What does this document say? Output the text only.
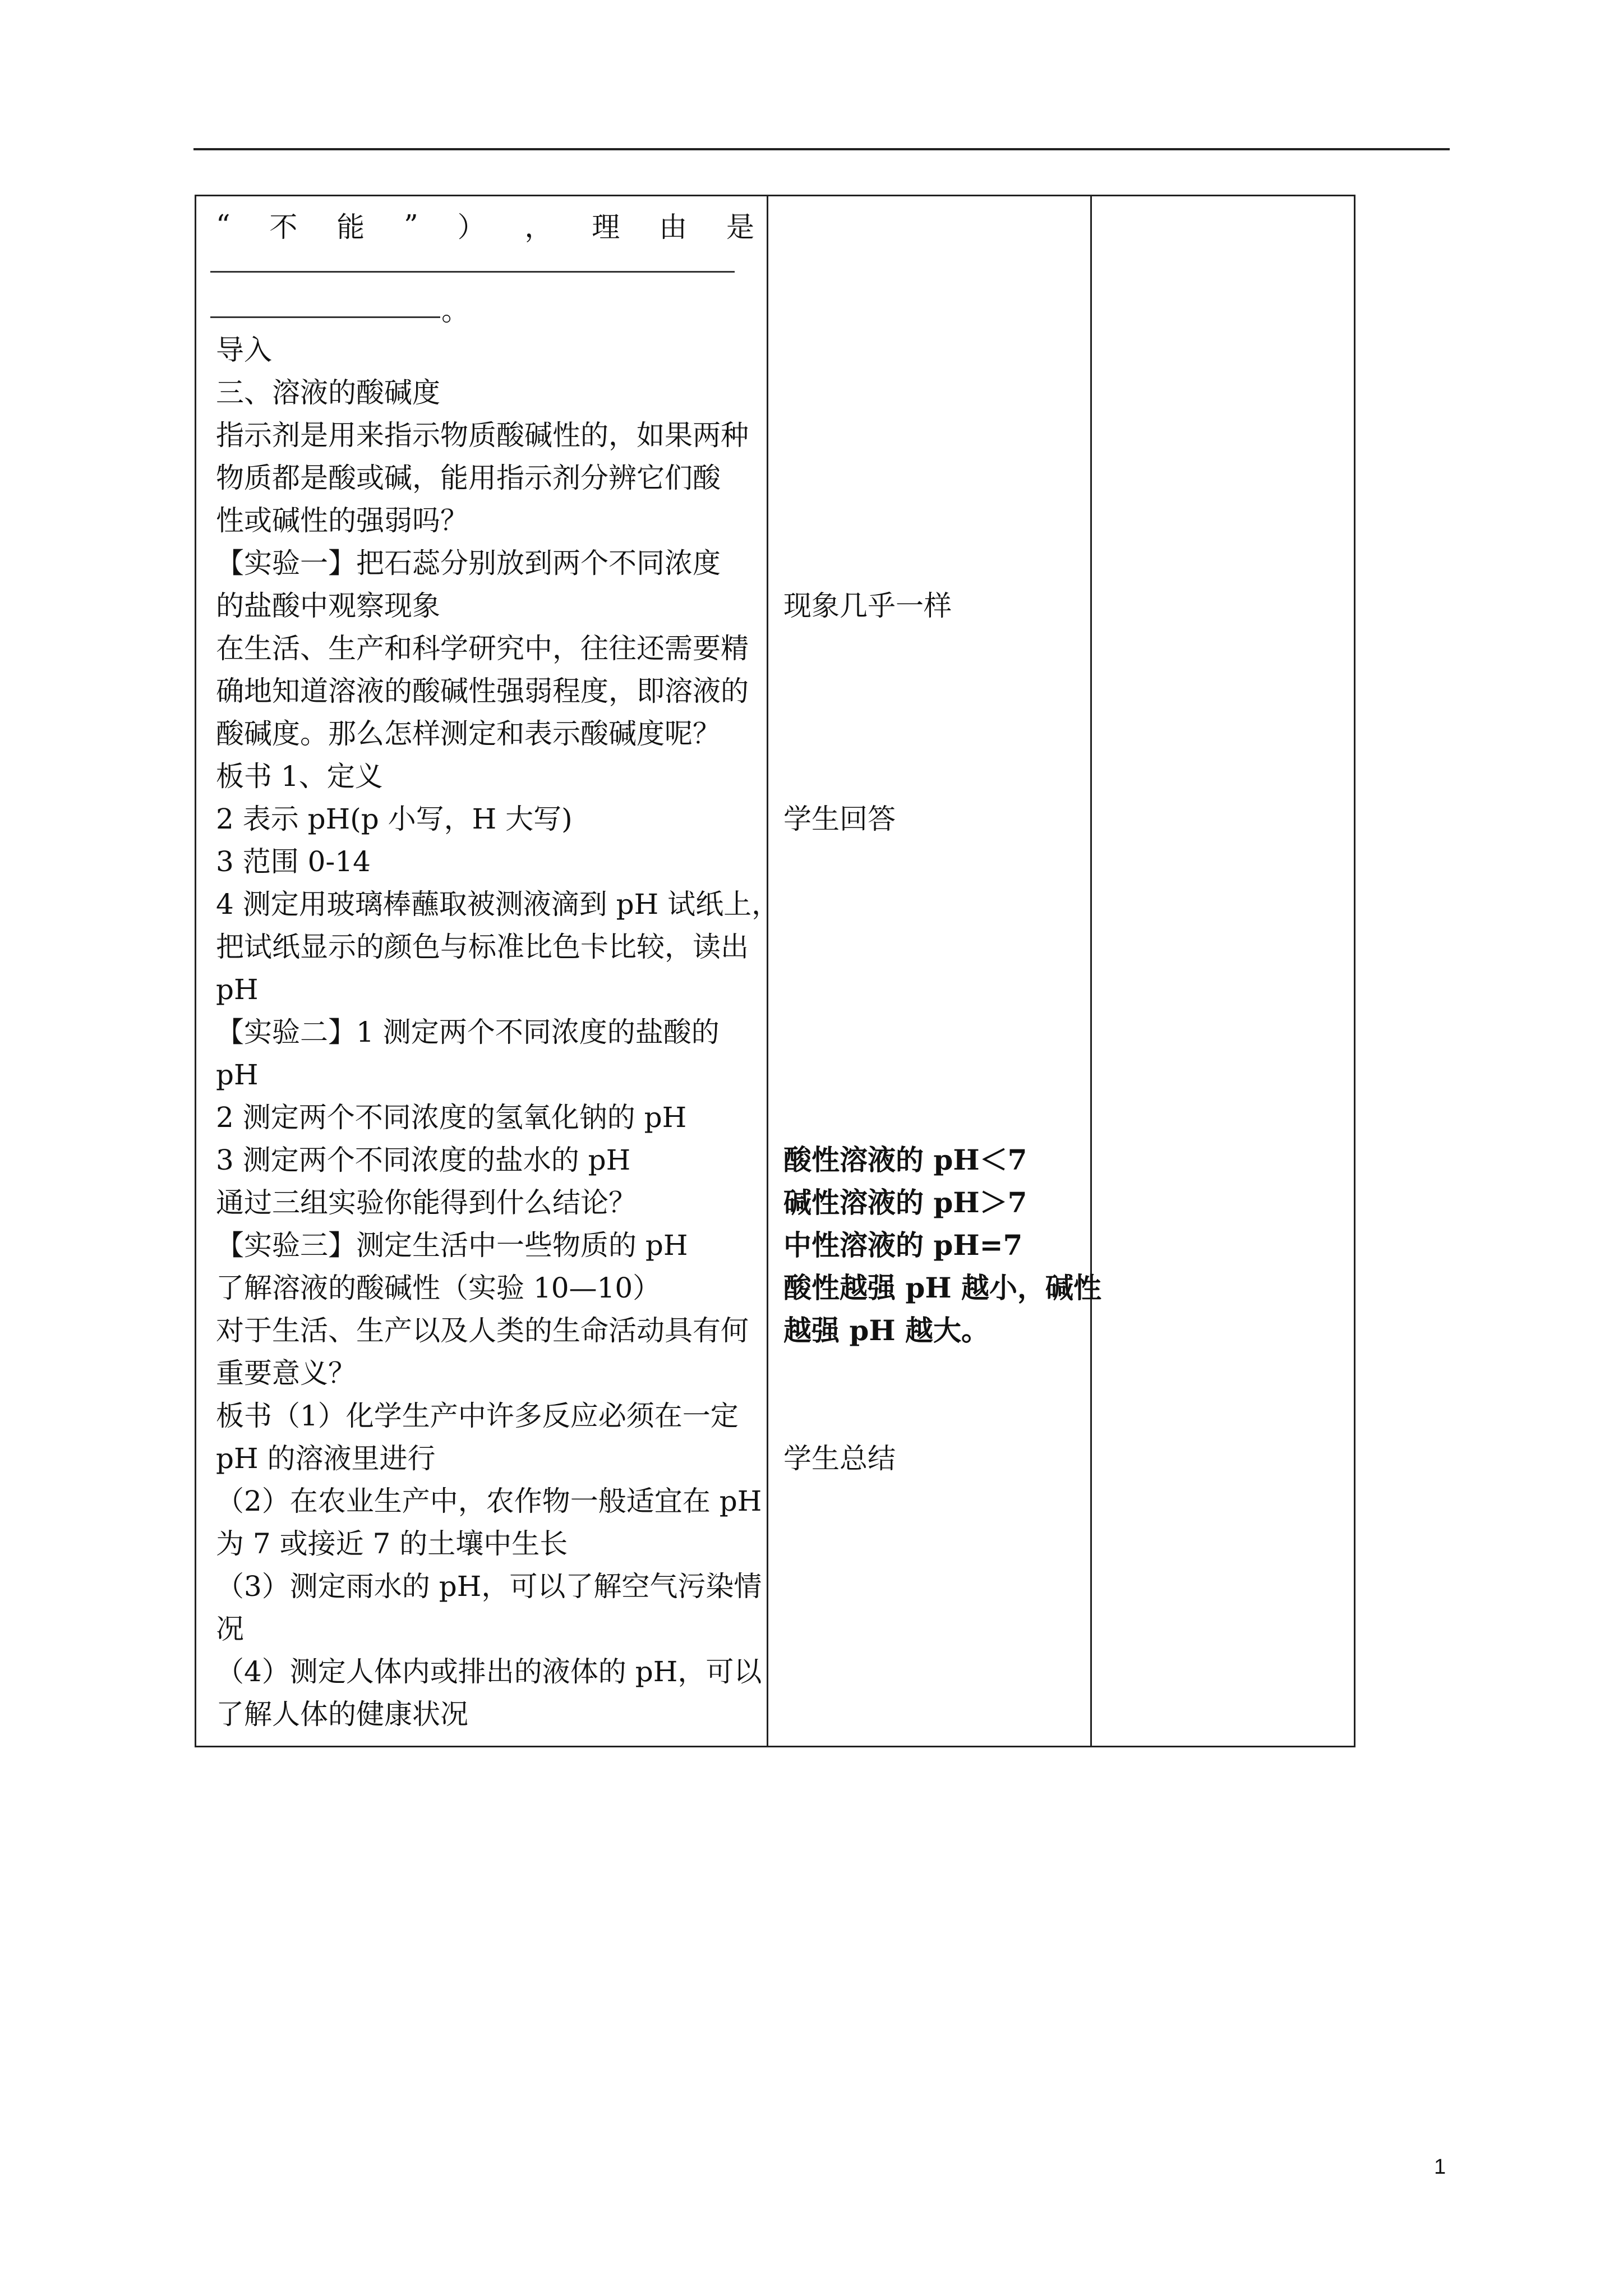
“ 不 能 ” ） ， 理 由 是
。
导入
三、溶液的酸碱度
指示剂是用来指示物质酸碱性的，如果两种
物质都是酸或碱，能用指示剂分辨它们酸
性或碱性的强弱吗？
【实验一】把石蕊分别放到两个不同浓度
的盐酸中观察现象
在生活、生产和科学研究中，往往还需要精
确地知道溶液的酸碱性强弱程度，即溶液的
酸碱度。那么怎样测定和表示酸碱度呢？
板书 1、定义
2 表示 pH(p 小写，H 大写)
3 范围 0-14
4 测定用玻璃棒蘸取被测液滴到 pH 试纸上，
把试纸显示的颜色与标准比色卡比较，读出
pH
【实验二】1 测定两个不同浓度的盐酸的
pH
2 测定两个不同浓度的氢氧化钠的 pH
3 测定两个不同浓度的盐水的 pH
通过三组实验你能得到什么结论？
【实验三】测定生活中一些物质的 pH
了解溶液的酸碱性（实验 10—10）
对于生活、生产以及人类的生命活动具有何
重要意义？
板书（1）化学生产中许多反应必须在一定
pH 的溶液里进行
（2）在农业生产中，农作物一般适宜在 pH
为 7 或接近 7 的土壤中生长
（3）测定雨水的 pH，可以了解空气污染情
况
（4）测定人体内或排出的液体的 pH，可以
了解人体的健康状况
现象几乎一样
学生回答
酸性溶液的 pH＜7
碱性溶液的 pH＞7
中性溶液的 pH=7
酸性越强 pH 越小，碱性
越强 pH 越大。
学生总结
1
